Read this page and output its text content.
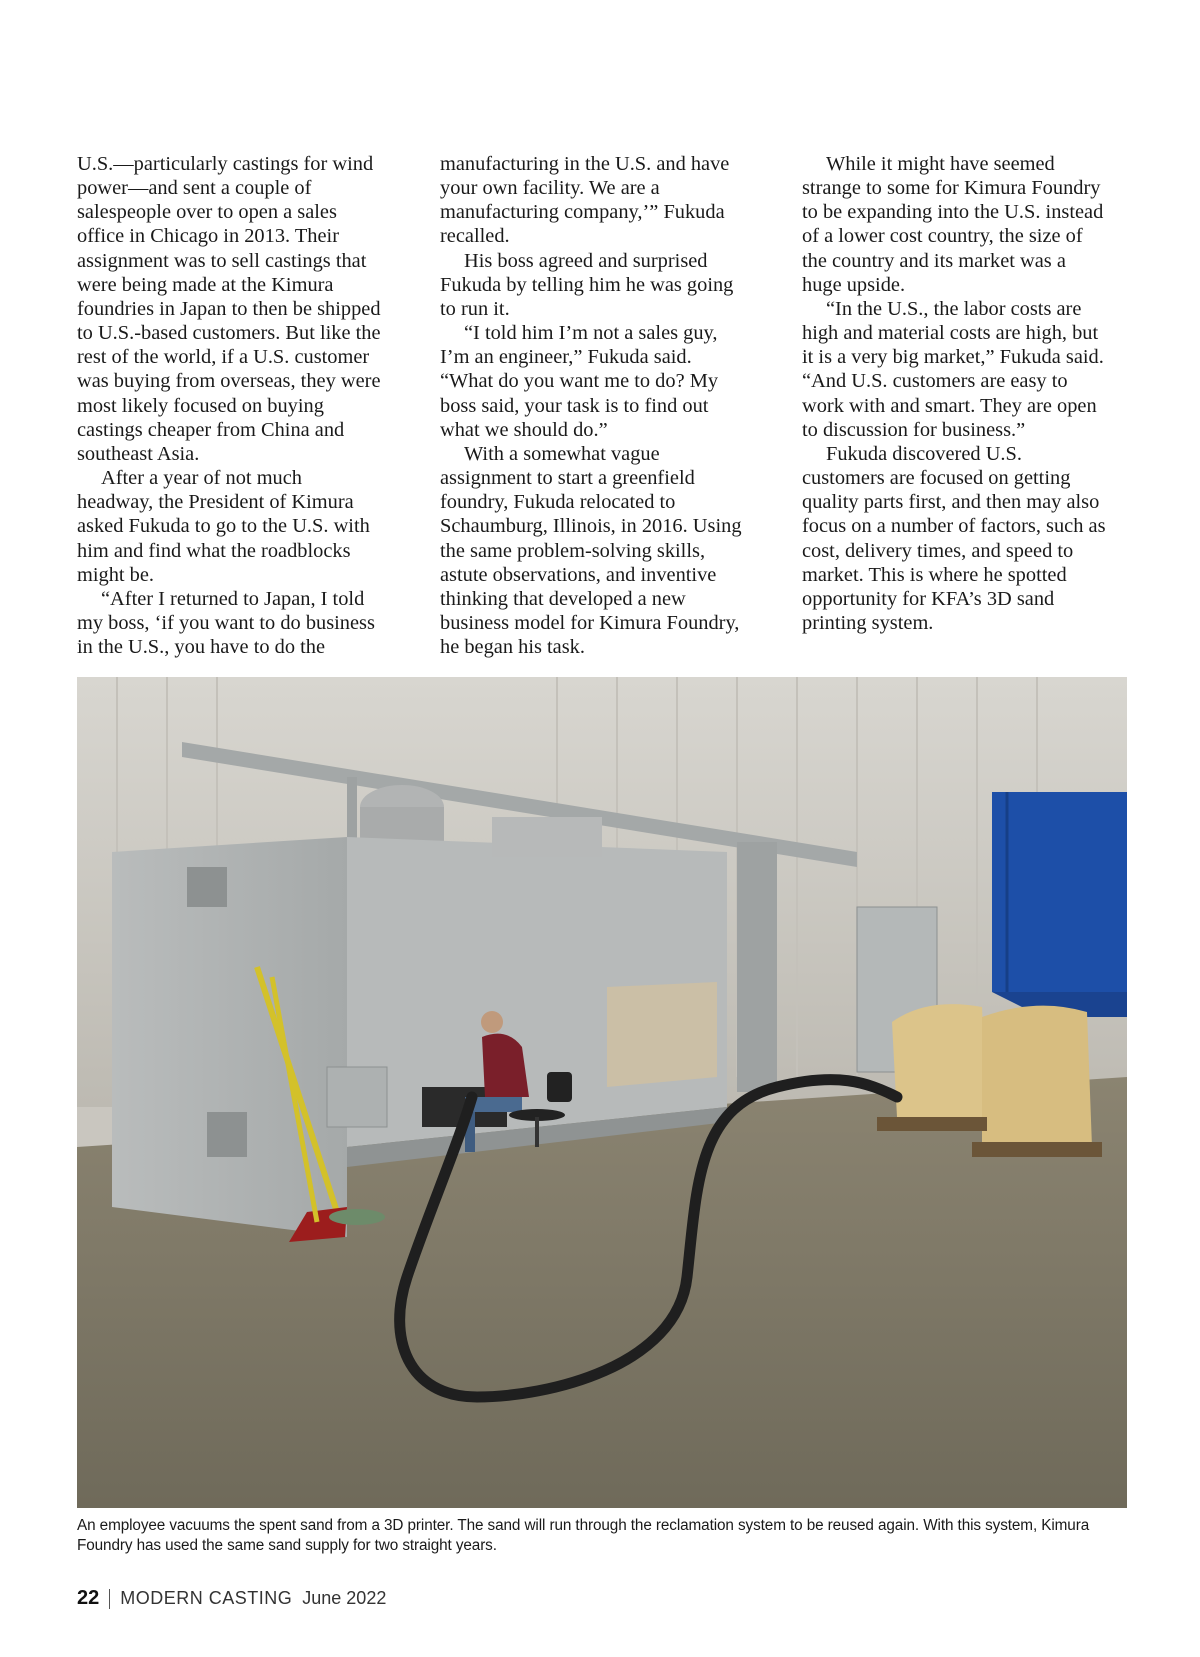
U.S.—particularly castings for wind power—and sent a couple of salespeople over to open a sales office in Chicago in 2013. Their assignment was to sell castings that were being made at the Kimura foundries in Japan to then be shipped to U.S.-based customers. But like the rest of the world, if a U.S. customer was buying from overseas, they were most likely focused on buying castings cheaper from China and southeast Asia.

After a year of not much headway, the President of Kimura asked Fukuda to go to the U.S. with him and find what the roadblocks might be.

“After I returned to Japan, I told my boss, ‘if you want to do business in the U.S., you have to do the

manufacturing in the U.S. and have your own facility. We are a manufacturing company,’” Fukuda recalled.

His boss agreed and surprised Fukuda by telling him he was going to run it.

“I told him I’m not a sales guy, I’m an engineer,” Fukuda said. “What do you want me to do? My boss said, your task is to find out what we should do.”

With a somewhat vague assignment to start a greenfield foundry, Fukuda relocated to Schaumburg, Illinois, in 2016. Using the same problem-solving skills, astute observations, and inventive thinking that developed a new business model for Kimura Foundry, he began his task.

While it might have seemed strange to some for Kimura Foundry to be expanding into the U.S. instead of a lower cost country, the size of the country and its market was a huge upside.

“In the U.S., the labor costs are high and material costs are high, but it is a very big market,” Fukuda said. “And U.S. customers are easy to work with and smart. They are open to discussion for business.”

Fukuda discovered U.S. customers are focused on getting quality parts first, and then may also focus on a number of factors, such as cost, delivery times, and speed to market. This is where he spotted opportunity for KFA’s 3D sand printing system.

An employee vacuums the spent sand from a 3D printer. The sand will run through the reclamation system to be reused again. With this system, Kimura Foundry has used the same sand supply for two straight years.

22 MODERN CASTING June 2022
